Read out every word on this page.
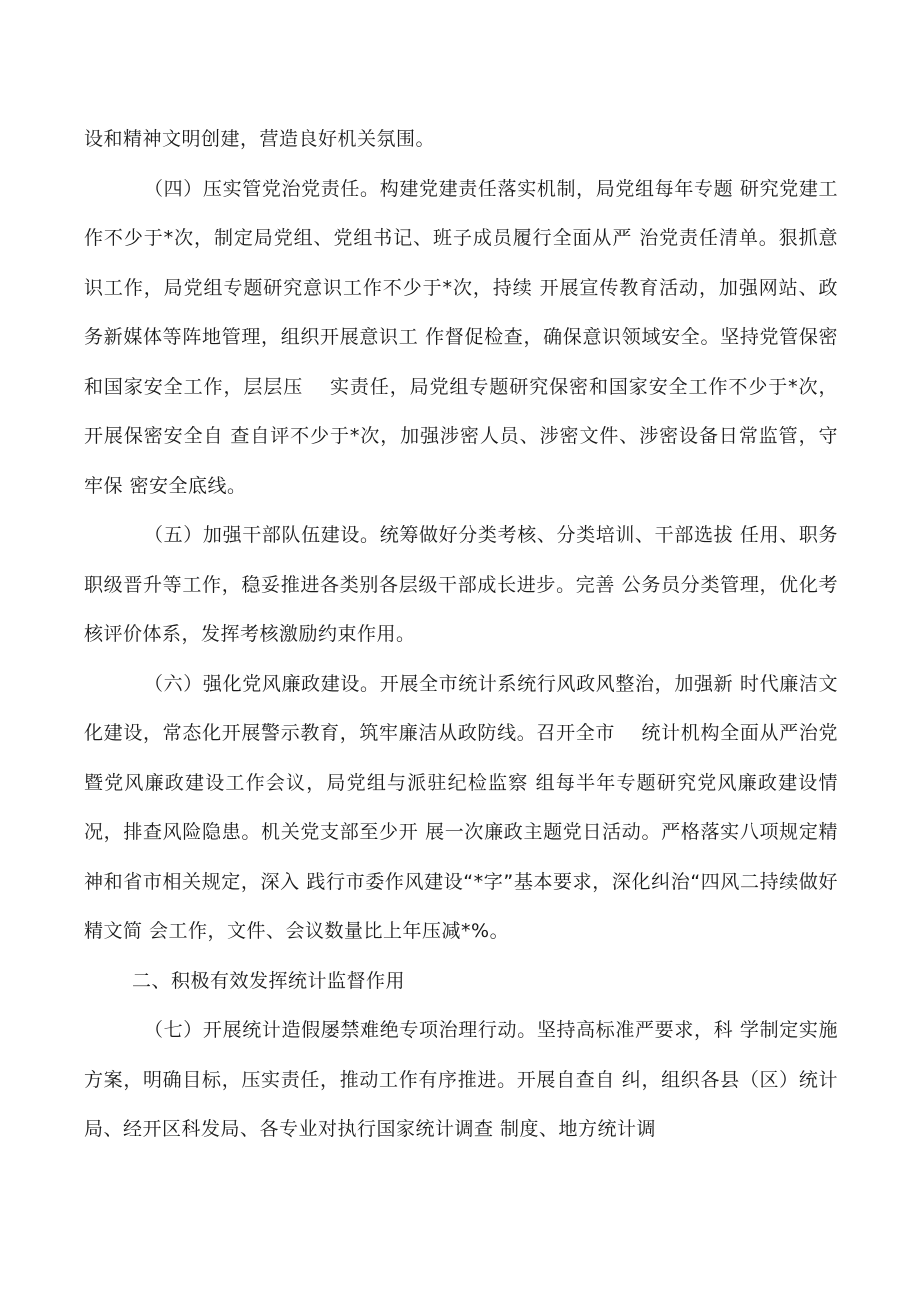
设和精神文明创建，营造良好机关氛围。

（四）压实管党治党责任。构建党建责任落实机制，局党组每年专题 研究党建工作不少于*次，制定局党组、党组书记、班子成员履行全面从严 治党责任清单。狠抓意识工作，局党组专题研究意识工作不少于*次，持续 开展宣传教育活动，加强网站、政务新媒体等阵地管理，组织开展意识工 作督促检查，确保意识领域安全。坚持党管保密和国家安全工作，层层压　 实责任，局党组专题研究保密和国家安全工作不少于*次，开展保密安全自 查自评不少于*次，加强涉密人员、涉密文件、涉密设备日常监管，守牢保 密安全底线。

（五）加强干部队伍建设。统筹做好分类考核、分类培训、干部选拔 任用、职务职级晋升等工作，稳妥推进各类别各层级干部成长进步。完善 公务员分类管理，优化考核评价体系，发挥考核激励约束作用。

（六）强化党风廉政建设。开展全市统计系统行风政风整治，加强新 时代廉洁文化建设，常态化开展警示教育，筑牢廉洁从政防线。召开全市　 统计机构全面从严治党暨党风廉政建设工作会议，局党组与派驻纪检监察 组每半年专题研究党风廉政建设情况，排查风险隐患。机关党支部至少开 展一次廉政主题党日活动。严格落实八项规定精神和省市相关规定，深入 践行市委作风建设“*字”基本要求，深化纠治“四风二持续做好精文简 会工作，文件、会议数量比上年压减*%。

二、积极有效发挥统计监督作用

（七）开展统计造假屡禁难绝专项治理行动。坚持高标准严要求，科 学制定实施方案，明确目标，压实责任，推动工作有序推进。开展自查自 纠，组织各县（区）统计局、经开区科发局、各专业对执行国家统计调查 制度、地方统计调
